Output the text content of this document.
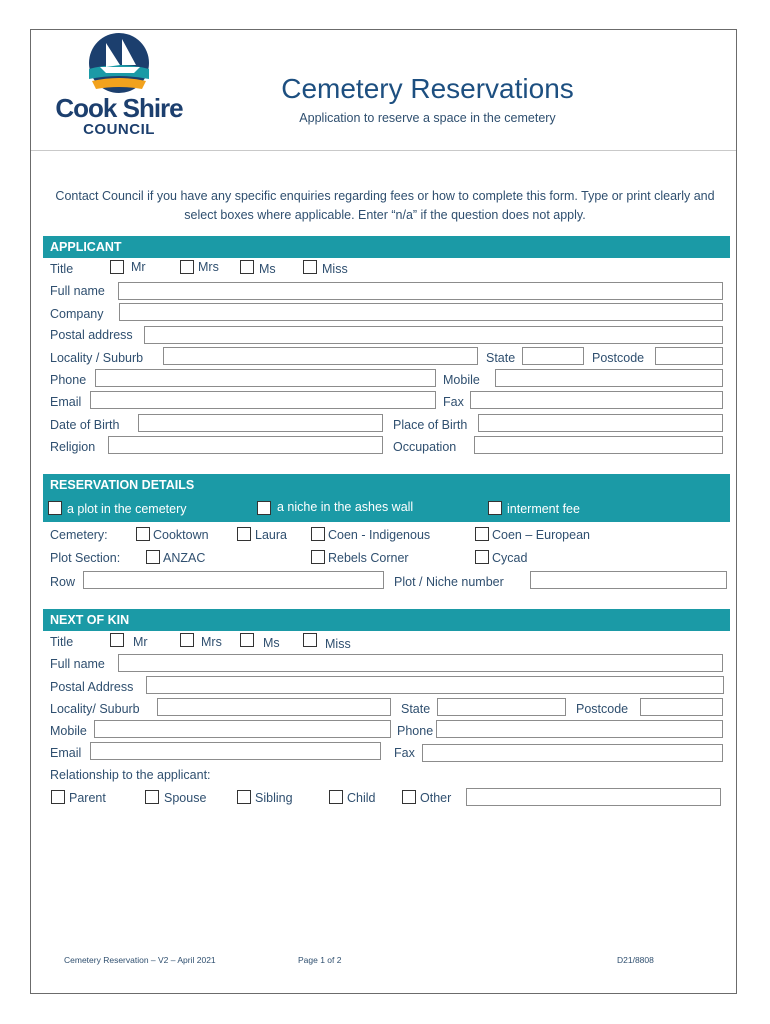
Cook Shire
COUNCIL
Cemetery Reservations
Application to reserve a space in the cemetery
Contact Council if you have any specific enquiries regarding fees or how to complete this form. Type or print clearly and select boxes where applicable. Enter “n/a” if the question does not apply.
APPLICANT
Title	Mr	Mrs	Ms	Miss
Full name
Company
Postal address
Locality / Suburb	State	Postcode
Phone	Mobile
Email	Fax
Date of Birth	Place of Birth
Religion	Occupation
RESERVATION DETAILS
a plot in the cemetery	a niche in the ashes wall	interment fee
Cemetery:	Cooktown	Laura	Coen - Indigenous	Coen – European
Plot Section:	ANZAC	Rebels Corner	Cycad
Row	Plot / Niche number
NEXT OF KIN
Title	Mr	Mrs	Ms	Miss
Full name
Postal Address
Locality/ Suburb	State	Postcode
Mobile	Phone
Email	Fax
Relationship to the applicant:
Parent	Spouse	Sibling	Child	Other
Cemetery Reservation – V2 – April 2021	Page 1 of 2	D21/8808
